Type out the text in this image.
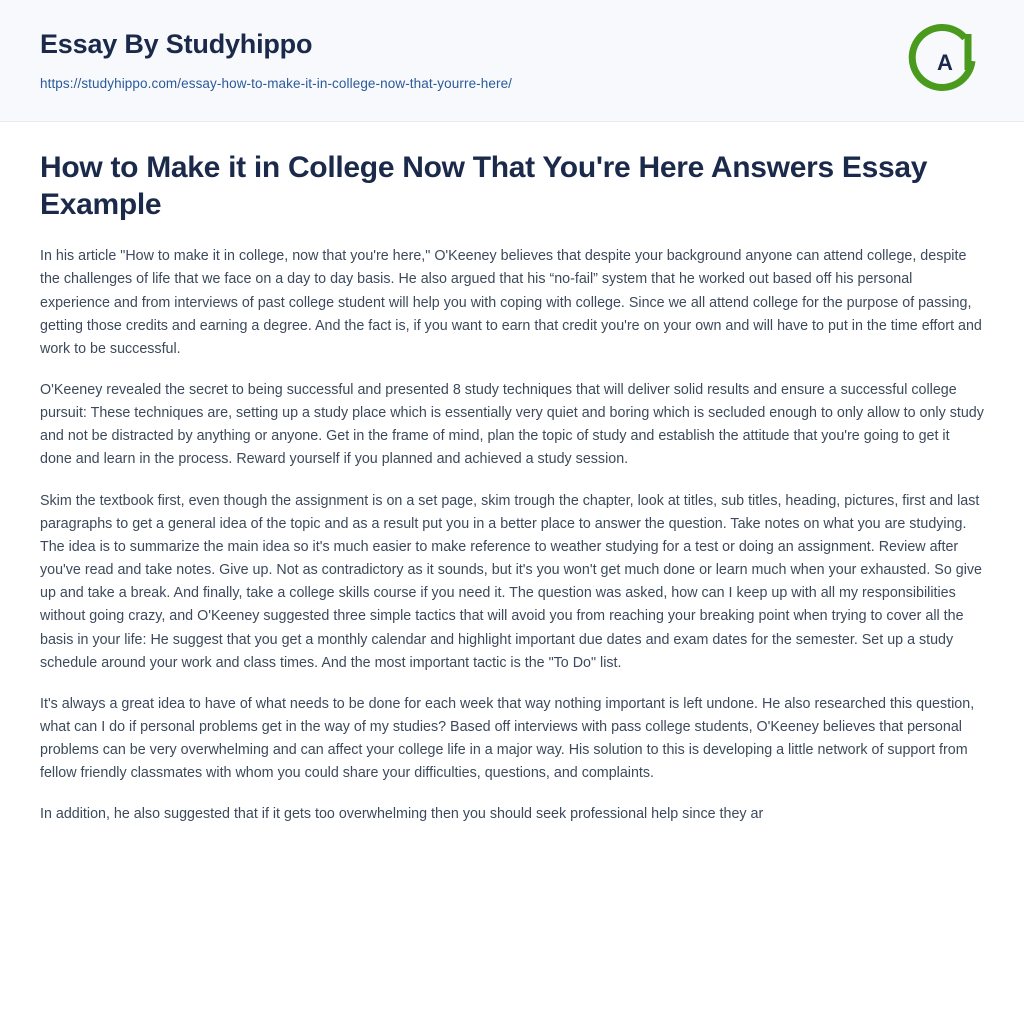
Essay By Studyhippo
https://studyhippo.com/essay-how-to-make-it-in-college-now-that-yourre-here/
A
How to Make it in College Now That You're Here Answers Essay Example

In his article "How to make it in college, now that you're here," O'Keeney believes that despite your background anyone can attend college, despite the challenges of life that we face on a day to day basis. He also argued that his “no-fail” system that he worked out based off his personal experience and from interviews of past college student will help you with coping with college. Since we all attend college for the purpose of passing, getting those credits and earning a degree. And the fact is, if you want to earn that credit you're on your own and will have to put in the time effort and work to be successful.

O'Keeney revealed the secret to being successful and presented 8 study techniques that will deliver solid results and ensure a successful college pursuit: These techniques are, setting up a study place which is essentially very quiet and boring which is secluded enough to only allow to only study and not be distracted by anything or anyone. Get in the frame of mind, plan the topic of study and establish the attitude that you're going to get it done and learn in the process. Reward yourself if you planned and achieved a study session.

Skim the textbook first, even though the assignment is on a set page, skim trough the chapter, look at titles, sub titles, heading, pictures, first and last paragraphs to get a general idea of the topic and as a result put you in a better place to answer the question. Take notes on what you are studying. The idea is to summarize the main idea so it's much easier to make reference to weather studying for a test or doing an assignment. Review after you've read and take notes. Give up. Not as contradictory as it sounds, but it's you won't get much done or learn much when your exhausted. So give up and take a break. And finally, take a college skills course if you need it. The question was asked, how can I keep up with all my responsibilities without going crazy, and O'Keeney suggested three simple tactics that will avoid you from reaching your breaking point when trying to cover all the basis in your life: He suggest that you get a monthly calendar and highlight important due dates and exam dates for the semester. Set up a study schedule around your work and class times. And the most important tactic is the "To Do" list.

It's always a great idea to have of what needs to be done for each week that way nothing important is left undone. He also researched this question, what can I do if personal problems get in the way of my studies? Based off interviews with pass college students, O'Keeney believes that personal problems can be very overwhelming and can affect your college life in a major way. His solution to this is developing a little network of support from fellow friendly classmates with whom you could share your difficulties, questions, and complaints.

In addition, he also suggested that if it gets too overwhelming then you should seek professional help since they ar
